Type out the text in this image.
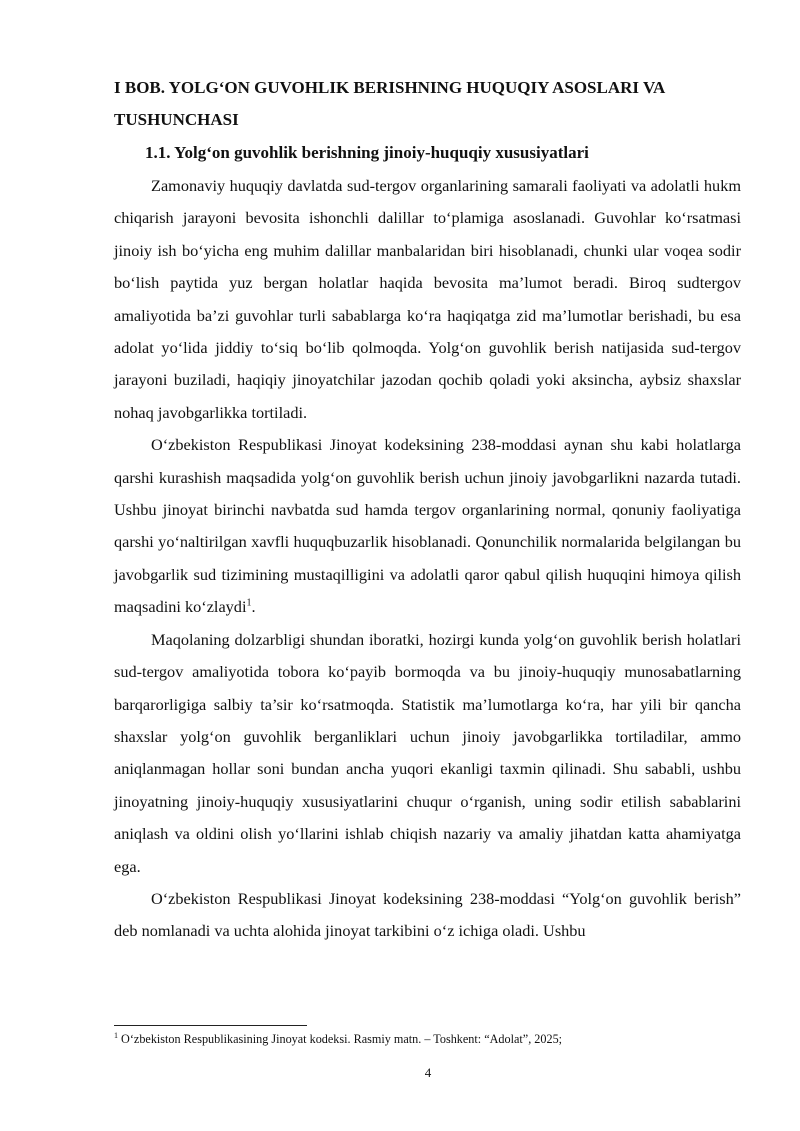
I BOB. YOLG‘ON GUVOHLIK BERISHNING HUQUQIY ASOSLARI VA TUSHUNCHASI
1.1. Yolg‘on guvohlik berishning jinoiy-huquqiy xususiyatlari

Zamonaviy huquqiy davlatda sud-tergov organlarining samarali faoliyati va adolatli hukm chiqarish jarayoni bevosita ishonchli dalillar to‘plamiga asoslanadi. Guvohlar ko‘rsatmasi jinoiy ish bo‘yicha eng muhim dalillar manbalaridan biri hisoblanadi, chunki ular voqea sodir bo‘lish paytida yuz bergan holatlar haqida bevosita ma’lumot beradi. Biroq sudtergov amaliyotida ba’zi guvohlar turli sabablarga ko‘ra haqiqatga zid ma’lumotlar berishadi, bu esa adolat yo‘lida jiddiy to‘siq bo‘lib qolmoqda. Yolg‘on guvohlik berish natijasida sud-tergov jarayoni buziladi, haqiqiy jinoyatchilar jazodan qochib qoladi yoki aksincha, aybsiz shaxslar nohaq javobgarlikka tortiladi.

O‘zbekiston Respublikasi Jinoyat kodeksining 238-moddasi aynan shu kabi holatlarga qarshi kurashish maqsadida yolg‘on guvohlik berish uchun jinoiy javobgarlikni nazarda tutadi. Ushbu jinoyat birinchi navbatda sud hamda tergov organlarining normal, qonuniy faoliyatiga qarshi yo‘naltirilgan xavfli huquqbuzarlik hisoblanadi. Qonunchilik normalarida belgilangan bu javobgarlik sud tizimining mustaqilligini va adolatli qaror qabul qilish huquqini himoya qilish maqsadini ko‘zlaydi$^1$.

Maqolaning dolzarbligi shundan iboratki, hozirgi kunda yolg‘on guvohlik berish holatlari sud-tergov amaliyotida tobora ko‘payib bormoqda va bu jinoiy-huquqiy munosabatlarning barqarorligiga salbiy ta’sir ko‘rsatmoqda. Statistik ma’lumotlarga ko‘ra, har yili bir qancha shaxslar yolg‘on guvohlik berganliklari uchun jinoiy javobgarlikka tortiladilar, ammo aniqlanmagan hollar soni bundan ancha yuqori ekanligi taxmin qilinadi. Shu sababli, ushbu jinoyatning jinoiy-huquqiy xususiyatlarini chuqur o‘rganish, uning sodir etilish sabablarini aniqlash va oldini olish yo‘llarini ishlab chiqish nazariy va amaliy jihatdan katta ahamiyatga ega.

O‘zbekiston Respublikasi Jinoyat kodeksining 238-moddasi “Yolg‘on guvohlik berish” deb nomlanadi va uchta alohida jinoyat tarkibini o‘z ichiga oladi. Ushbu

$^1$ O‘zbekiston Respublikasining Jinoyat kodeksi. Rasmiy matn. – Toshkent: “Adolat”, 2025;

4
